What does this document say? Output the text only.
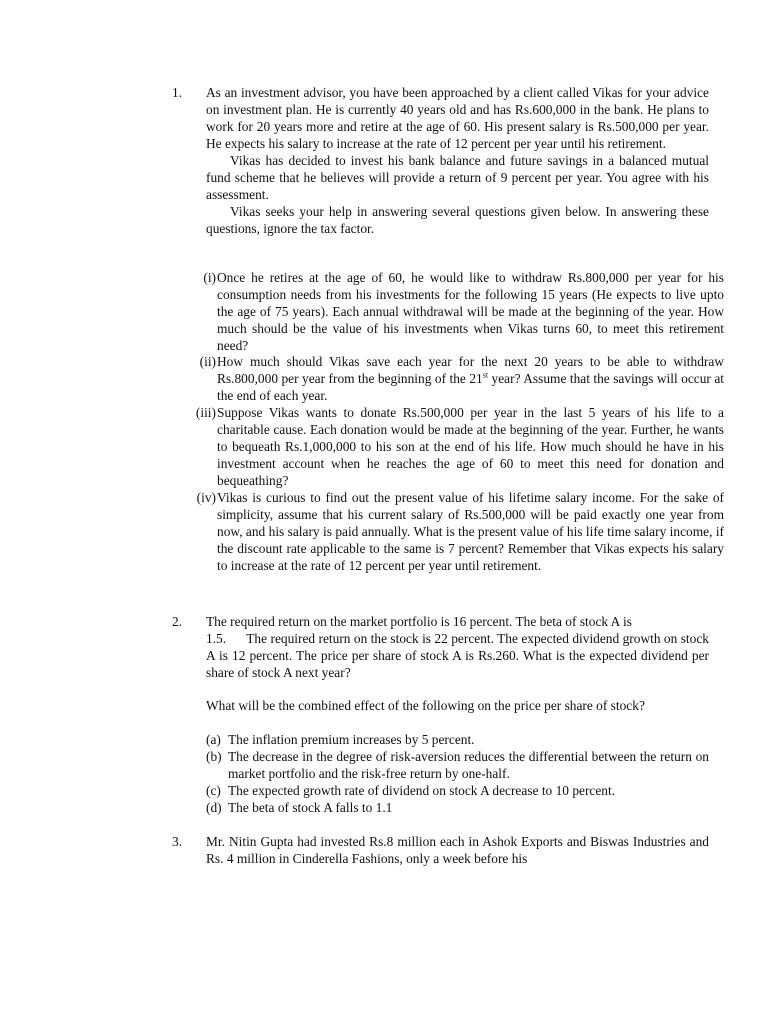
1. As an investment advisor, you have been approached by a client called Vikas for your advice on investment plan. He is currently 40 years old and has Rs.600,000 in the bank. He plans to work for 20 years more and retire at the age of 60. His present salary is Rs.500,000 per year. He expects his salary to increase at the rate of 12 percent per year until his retirement.

Vikas has decided to invest his bank balance and future savings in a balanced mutual fund scheme that he believes will provide a return of 9 percent per year. You agree with his assessment.

Vikas seeks your help in answering several questions given below. In answering these questions, ignore the tax factor.

(i) Once he retires at the age of 60, he would like to withdraw Rs.800,000 per year for his consumption needs from his investments for the following 15 years (He expects to live upto the age of 75 years). Each annual withdrawal will be made at the beginning of the year. How much should be the value of his investments when Vikas turns 60, to meet this retirement need?

(ii) How much should Vikas save each year for the next 20 years to be able to withdraw Rs.800,000 per year from the beginning of the 21st year? Assume that the savings will occur at the end of each year.

(iii) Suppose Vikas wants to donate Rs.500,000 per year in the last 5 years of his life to a charitable cause. Each donation would be made at the beginning of the year. Further, he wants to bequeath Rs.1,000,000 to his son at the end of his life. How much should he have in his investment account when he reaches the age of 60 to meet this need for donation and bequeathing?

(iv) Vikas is curious to find out the present value of his lifetime salary income. For the sake of simplicity, assume that his current salary of Rs.500,000 will be paid exactly one year from now, and his salary is paid annually. What is the present value of his life time salary income, if the discount rate applicable to the same is 7 percent? Remember that Vikas expects his salary to increase at the rate of 12 percent per year until retirement.

2. The required return on the market portfolio is 16 percent. The beta of stock A is

1.5.      The required return on the stock is 22 percent. The expected dividend growth on stock A is 12 percent. The price per share of stock A is Rs.260. What is the expected dividend per share of stock A next year?

What will be the combined effect of the following on the price per share of stock?
(a) The inflation premium increases by 5 percent.

(b) The decrease in the degree of risk-aversion reduces the differential between the return on market portfolio and the risk-free return by one-half.

(c) The expected growth rate of dividend on stock A decrease to 10 percent.

(d) The beta of stock A falls to 1.1

3. Mr. Nitin Gupta had invested Rs.8 million each in Ashok Exports and Biswas Industries and Rs. 4 million in Cinderella Fashions, only a week before his
